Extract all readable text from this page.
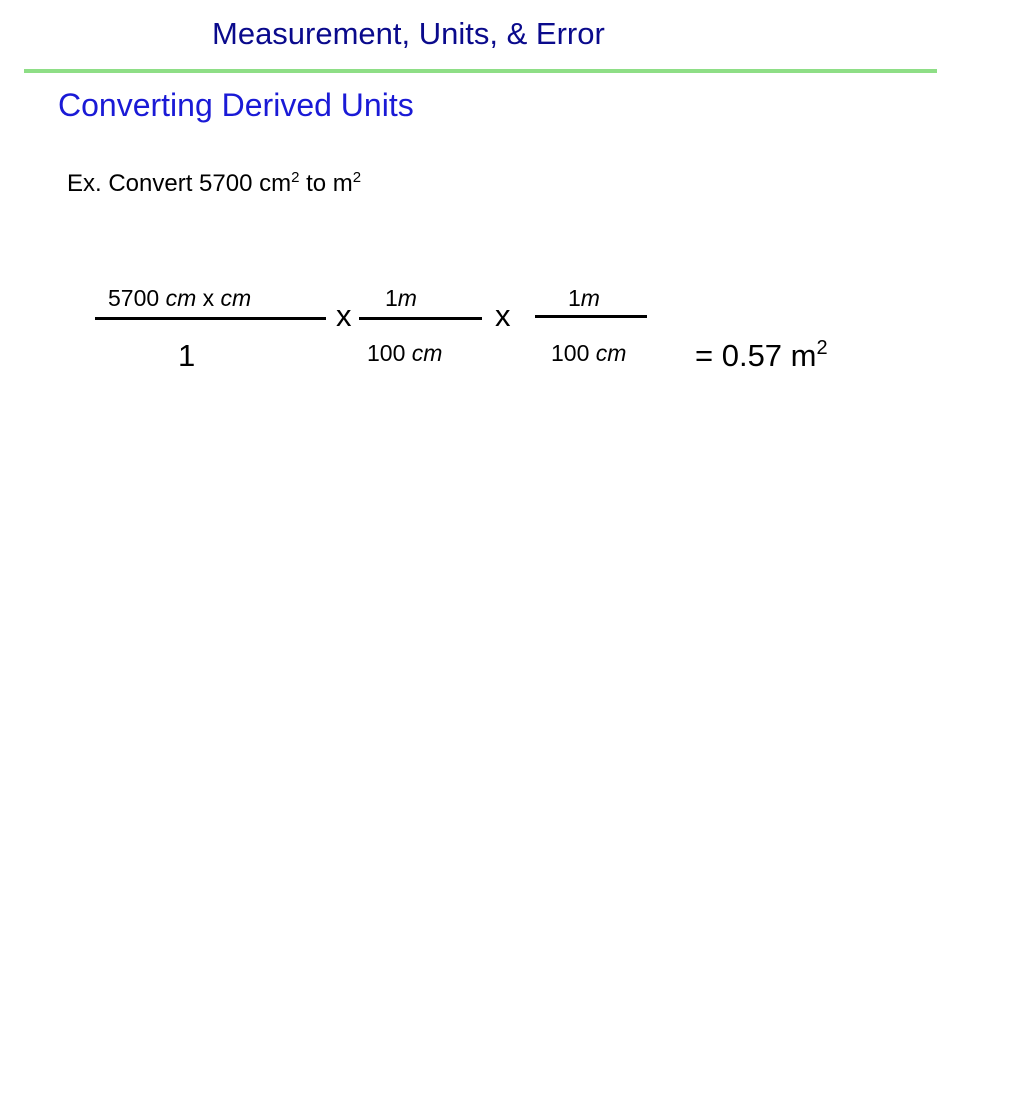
Measurement, Units, & Error
Converting Derived Units
Ex. Convert 5700 $cm^2$ to $m^2$
5700 cm x cm
1
x 1m
100 cm
x	1m
100 cm = 0.57 $m^2$
